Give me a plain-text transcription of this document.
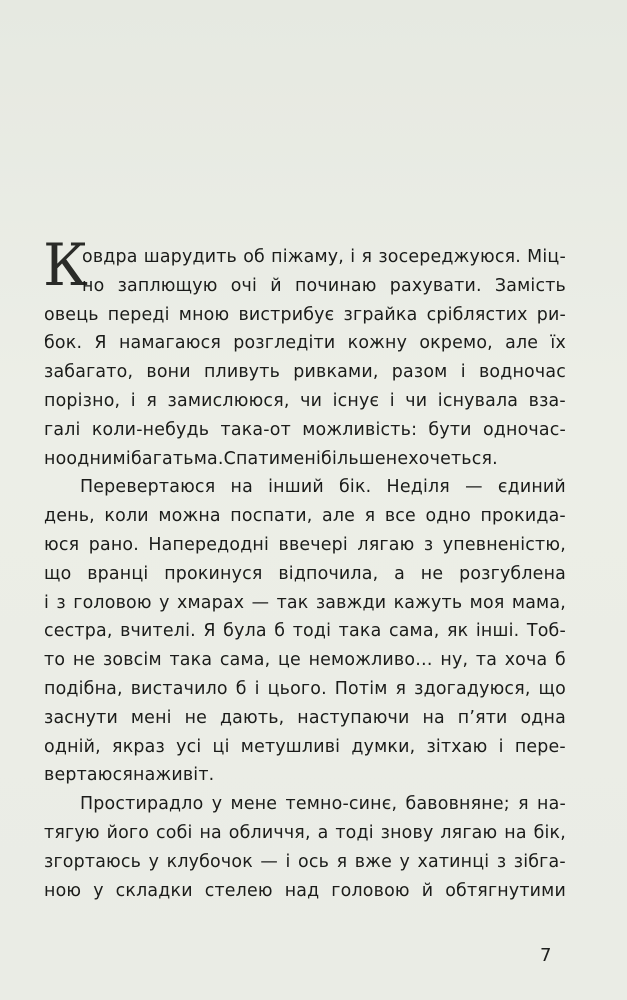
К
овдра шарудить об піжаму, і я зосереджуюся. Міц-
но заплющую очі й починаю рахувати. Замість
овець переді мною вистрибує зграйка сріблястих ри-
бок. Я намагаюся розгледіти кожну окремо, але їх
забагато, вони пливуть ривками, разом і водночас
порізно, і я замислююся, чи існує і чи існувала взa-
галі коли-небудь така-от можливість: бути одночас-
но одним і багатьма. Спати мені більше не хочеться.
Перевертаюся на інший бік. Неділя — єдиний
день, коли можна поспати, але я все одно прокида-
юся рано. Напередодні ввечері лягаю з упевненістю,
що вранці прокинуся відпочила, а не розгублена
і з головою у хмарах — так завжди кажуть моя мама,
сестра, вчителі. Я була б тоді така сама, як інші. Тоб-
то не зовсім така сама, це неможливо… ну, та хоча б
подібна, вистачило б і цього. Потім я здогадуюся, що
заснути мені не дають, наступаючи на п’яти одна
одній, якраз усі ці метушливі думки, зітхаю і пере-
вертаюся на живіт.
Простирадло у мене темно-синє, бавовняне; я на-
тягую його собі на обличчя, а тоді знову лягаю на бік,
згортаюсь у клубочок — і ось я вже у хатинці з зібга-
ною у складки стелею над головою й обтягнутими
7
